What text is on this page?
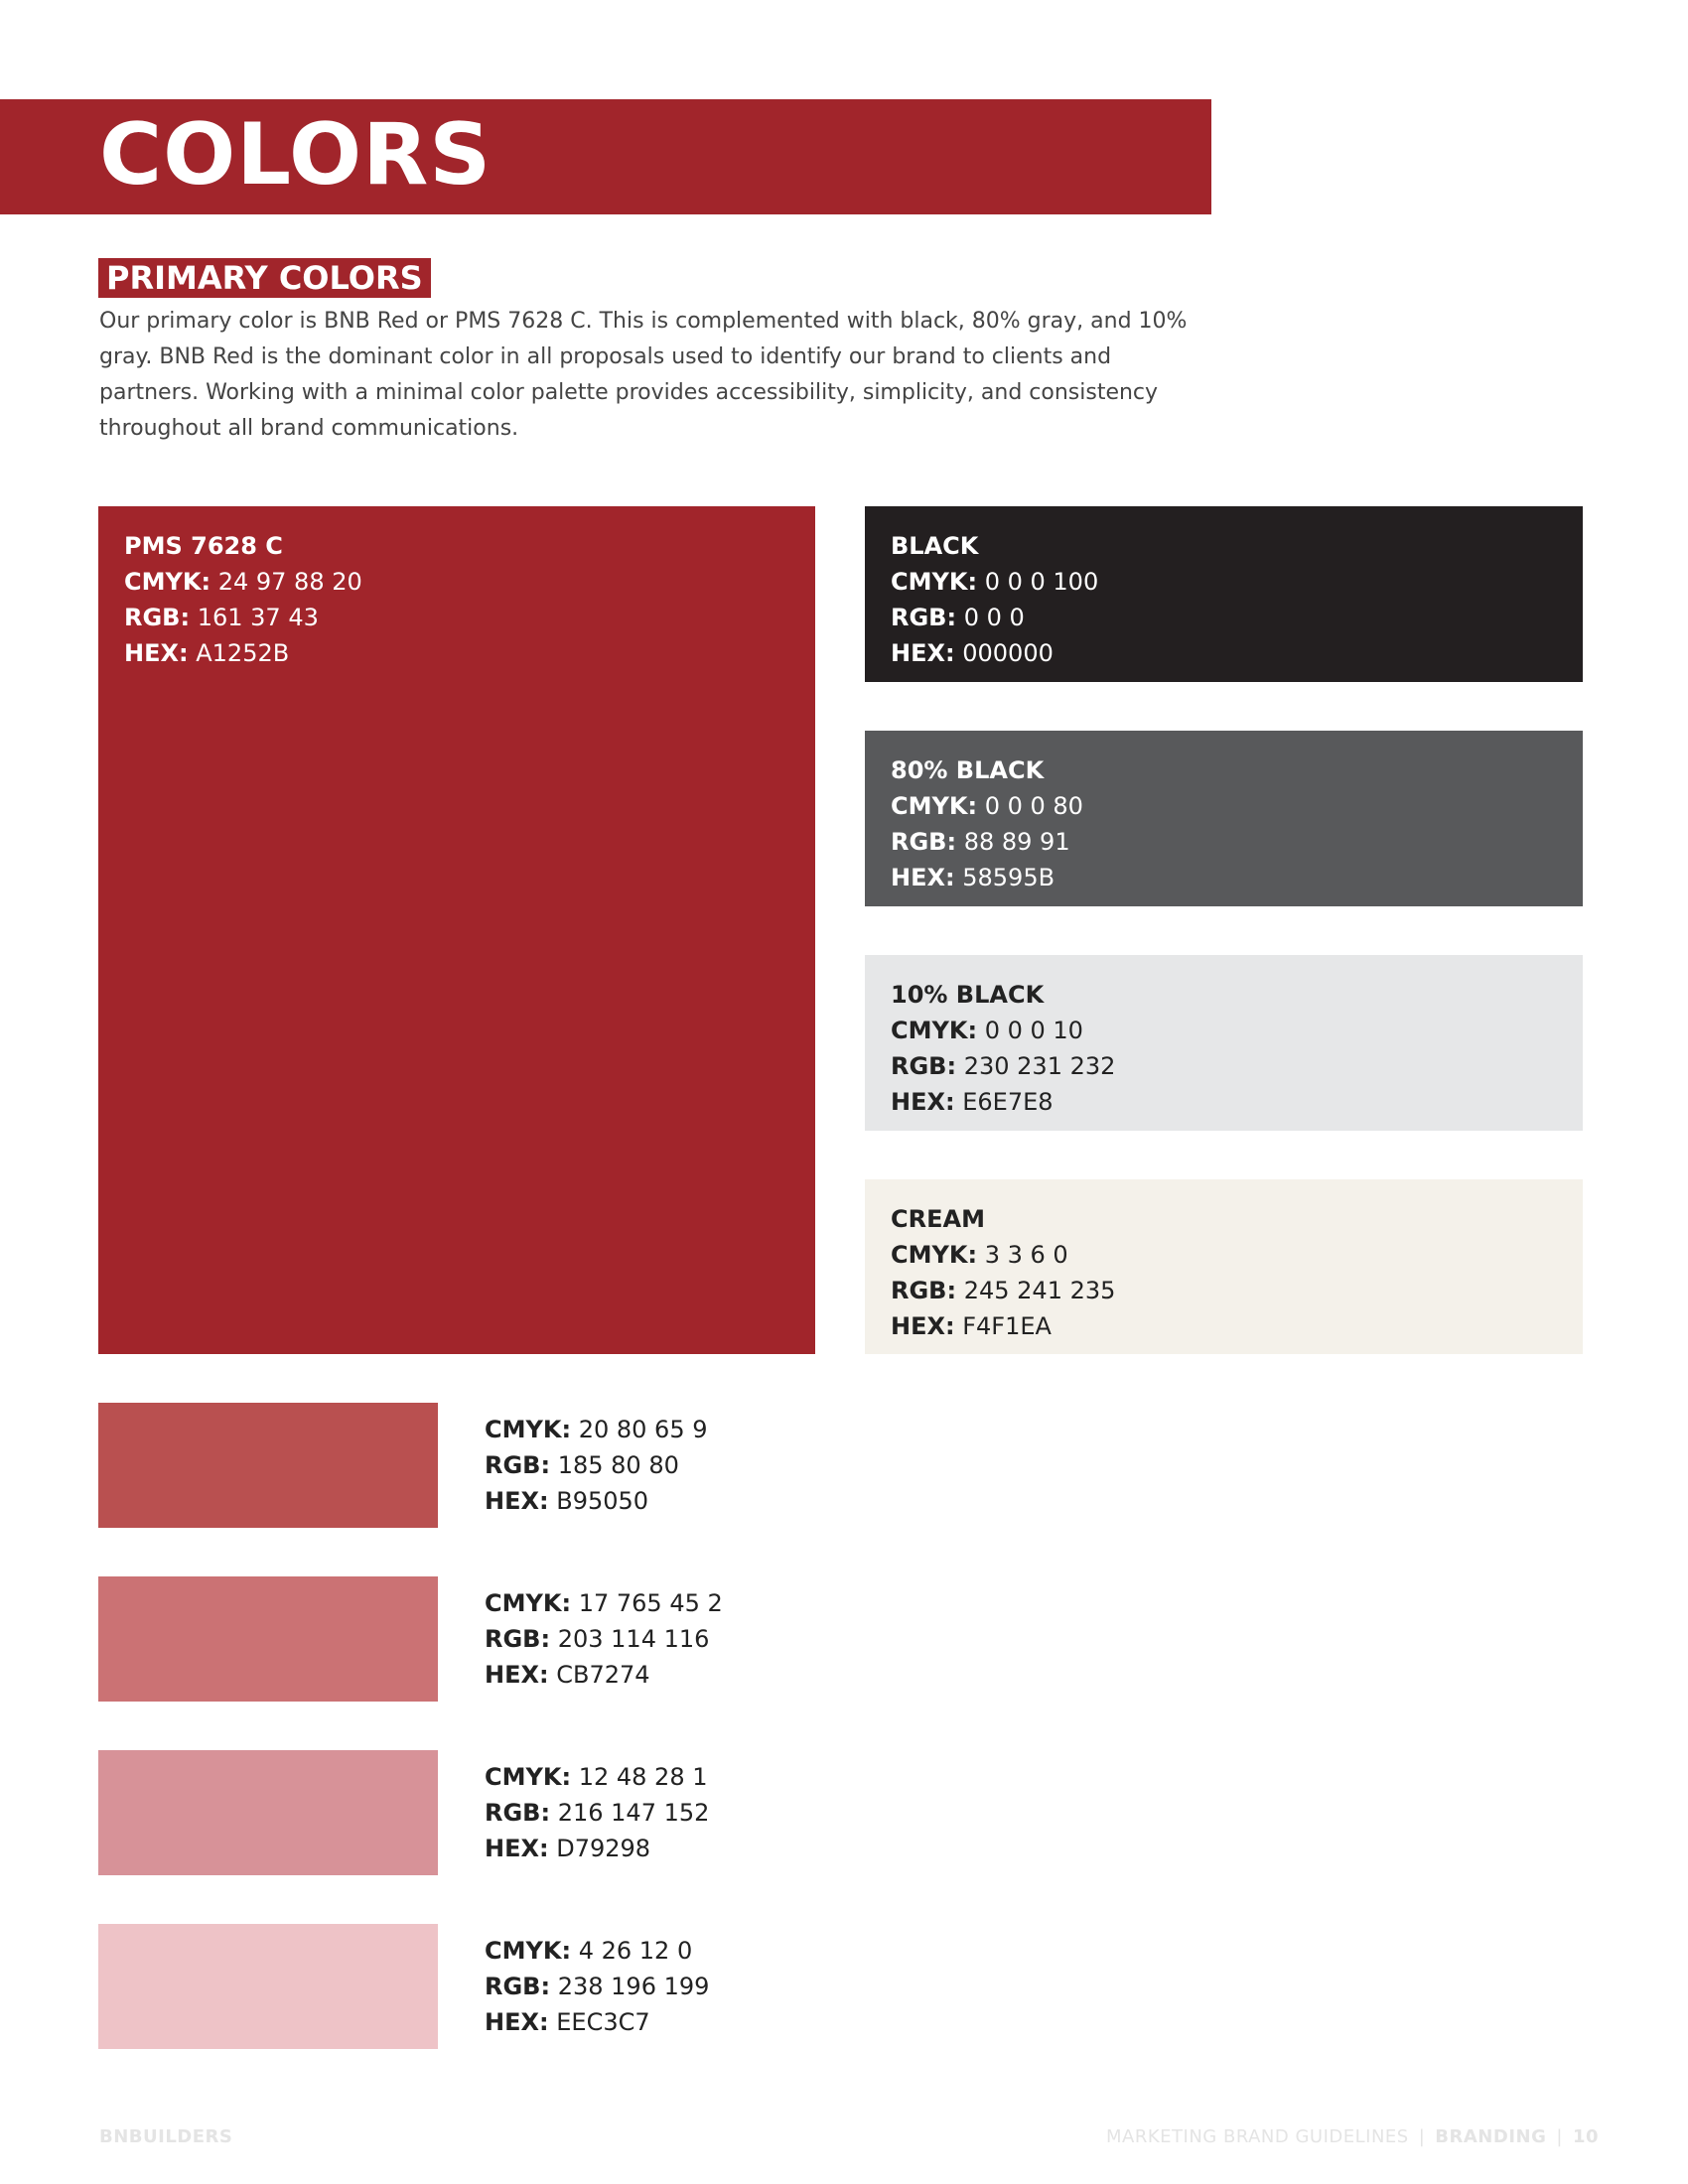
COLORS
PRIMARY COLORS
Our primary color is BNB Red or PMS 7628 C. This is complemented with black, 80% gray, and 10% gray. BNB Red is the dominant color in all proposals used to identify our brand to clients and partners. Working with a minimal color palette provides accessibility, simplicity, and consistency throughout all brand communications.
PMS 7628 C
CMYK: 24 97 88 20
RGB: 161 37 43
HEX: A1252B
BLACK
CMYK: 0 0 0 100
RGB: 0 0 0
HEX: 000000
80% BLACK
CMYK: 0 0 0 80
RGB: 88 89 91
HEX: 58595B
10% BLACK
CMYK: 0 0 0 10
RGB: 230 231 232
HEX: E6E7E8
CREAM
CMYK: 3 3 6 0
RGB: 245 241 235
HEX: F4F1EA
CMYK: 20 80 65 9
RGB: 185 80 80
HEX: B95050
CMYK: 17 765 45 2
RGB: 203 114 116
HEX: CB7274
CMYK: 12 48 28 1
RGB: 216 147 152
HEX: D79298
CMYK: 4 26 12 0
RGB: 238 196 199
HEX: EEC3C7
BNBUILDERS	MARKETING BRAND GUIDELINES | BRANDING | 10
